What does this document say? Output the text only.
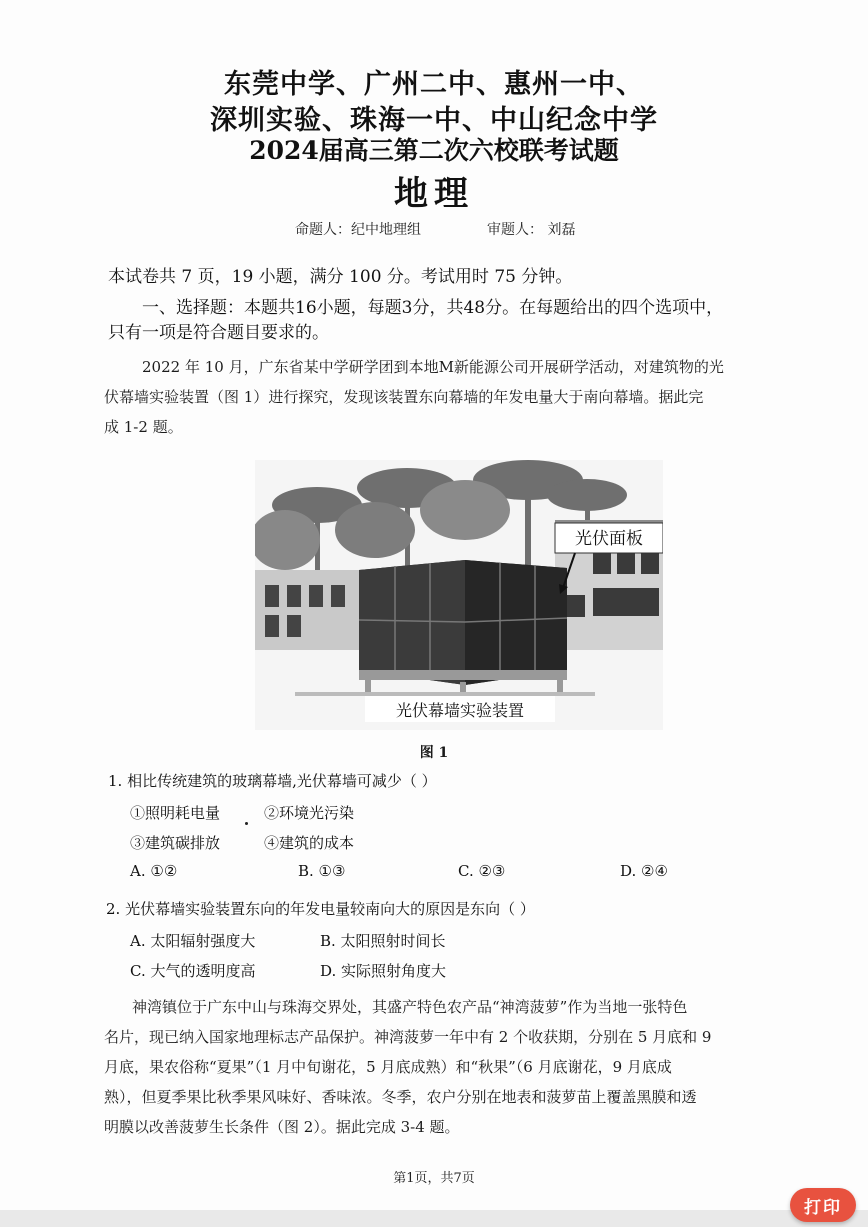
东莞中学、广州二中、惠州一中、
深圳实验、珠海一中、中山纪念中学
2024届高三第二次六校联考试题
地理
命题人：纪中地理组	审题人： 刘磊
本试卷共 7 页，19 小题，满分 100 分。考试用时 75 分钟。
一、选择题：本题共16小题，每题3分，共48分。在每题给出的四个选项中，
只有一项是符合题目要求的。
2022 年 10 月，广东省某中学研学团到本地M新能源公司开展研学活动，对建筑物的光
伏幕墙实验装置（图 1）进行探究，发现该装置东向幕墙的年发电量大于南向幕墙。据此完
成 1-2 题。
光伏面板
光伏幕墙实验装置
图 1
1. 相比传统建筑的玻璃幕墙,光伏幕墙可减少（ ）
①照明耗电量	②环境光污染
③建筑碳排放	④建筑的成本
A. ①②	B. ①③	C. ②③	D. ②④
2. 光伏幕墙实验装置东向的年发电量较南向大的原因是东向（ ）
A. 太阳辐射强度大	B. 太阳照射时间长
C. 大气的透明度高	D. 实际照射角度大
神湾镇位于广东中山与珠海交界处，其盛产特色农产品“神湾菠萝”作为当地一张特色
名片，现已纳入国家地理标志产品保护。神湾菠萝一年中有 2 个收获期，分别在 5 月底和 9
月底，果农俗称“夏果”（1 月中旬谢花，5 月底成熟）和“秋果”（6 月底谢花，9 月底成
熟），但夏季果比秋季果风味好、香味浓。冬季，农户分别在地表和菠萝苗上覆盖黑膜和透
明膜以改善菠萝生长条件（图 2）。据此完成 3-4 题。
第1页，共7页
打印
